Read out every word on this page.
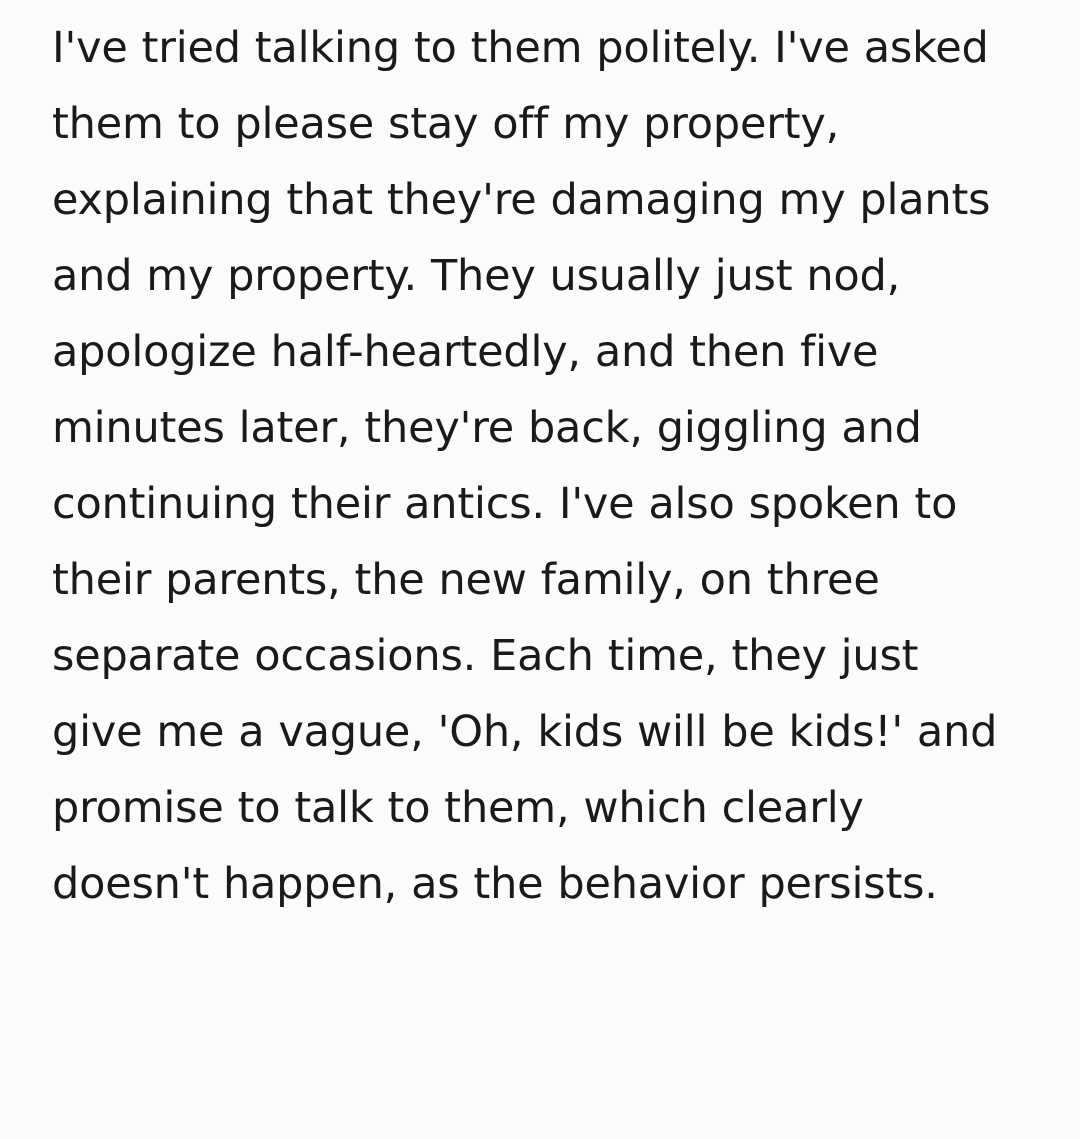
I've tried talking to them politely. I've asked them to please stay off my property, explaining that they're damaging my plants and my property. They usually just nod, apologize half-heartedly, and then five minutes later, they're back, giggling and continuing their antics. I've also spoken to their parents, the new family, on three separate occasions. Each time, they just give me a vague, 'Oh, kids will be kids!' and promise to talk to them, which clearly doesn't happen, as the behavior persists.
